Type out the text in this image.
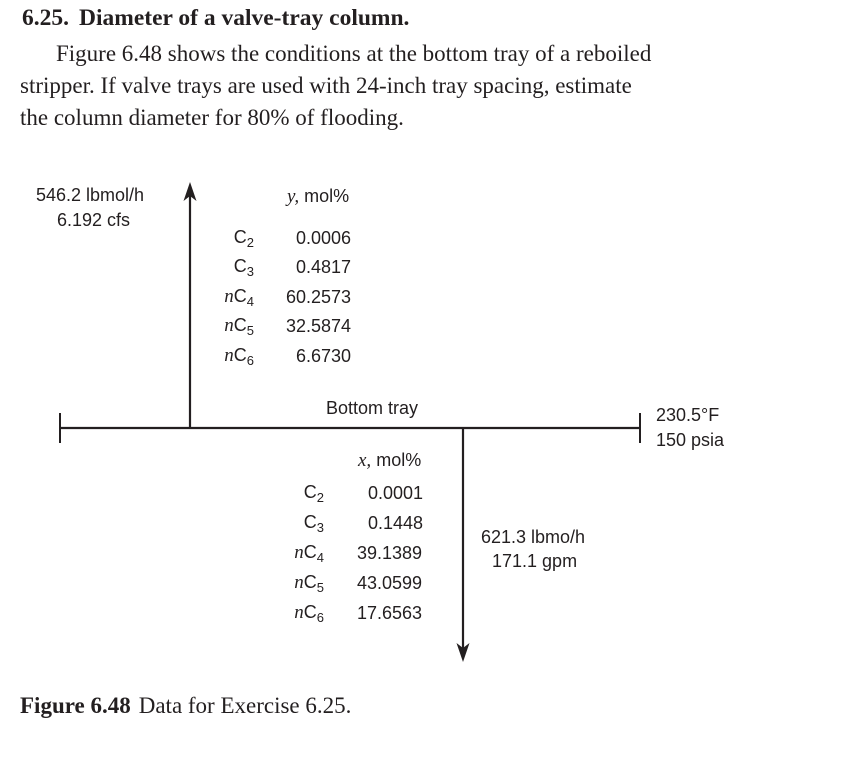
6.25. Diameter of a valve-tray column.
Figure 6.48 shows the conditions at the bottom tray of a reboiled
stripper. If valve trays are used with 24-inch tray spacing, estimate
the column diameter for 80% of flooding.
546.2 lbmol/h
6.192 cfs
y, mol%
$C_2$
$C_3$
$nC_4$
$nC_5$
$nC_6$
0.0006
0.4817
60.2573
32.5874
6.6730
Bottom tray	230.5°F
150 psia
x, mol%
$C_2$
$C_3$
$nC_4$
$nC_5$
$nC_6$
0.0001
0.1448
39.1389
43.0599
17.6563
621.3 lbmo/h
171.1 gpm
Figure 6.48 Data for Exercise 6.25.
